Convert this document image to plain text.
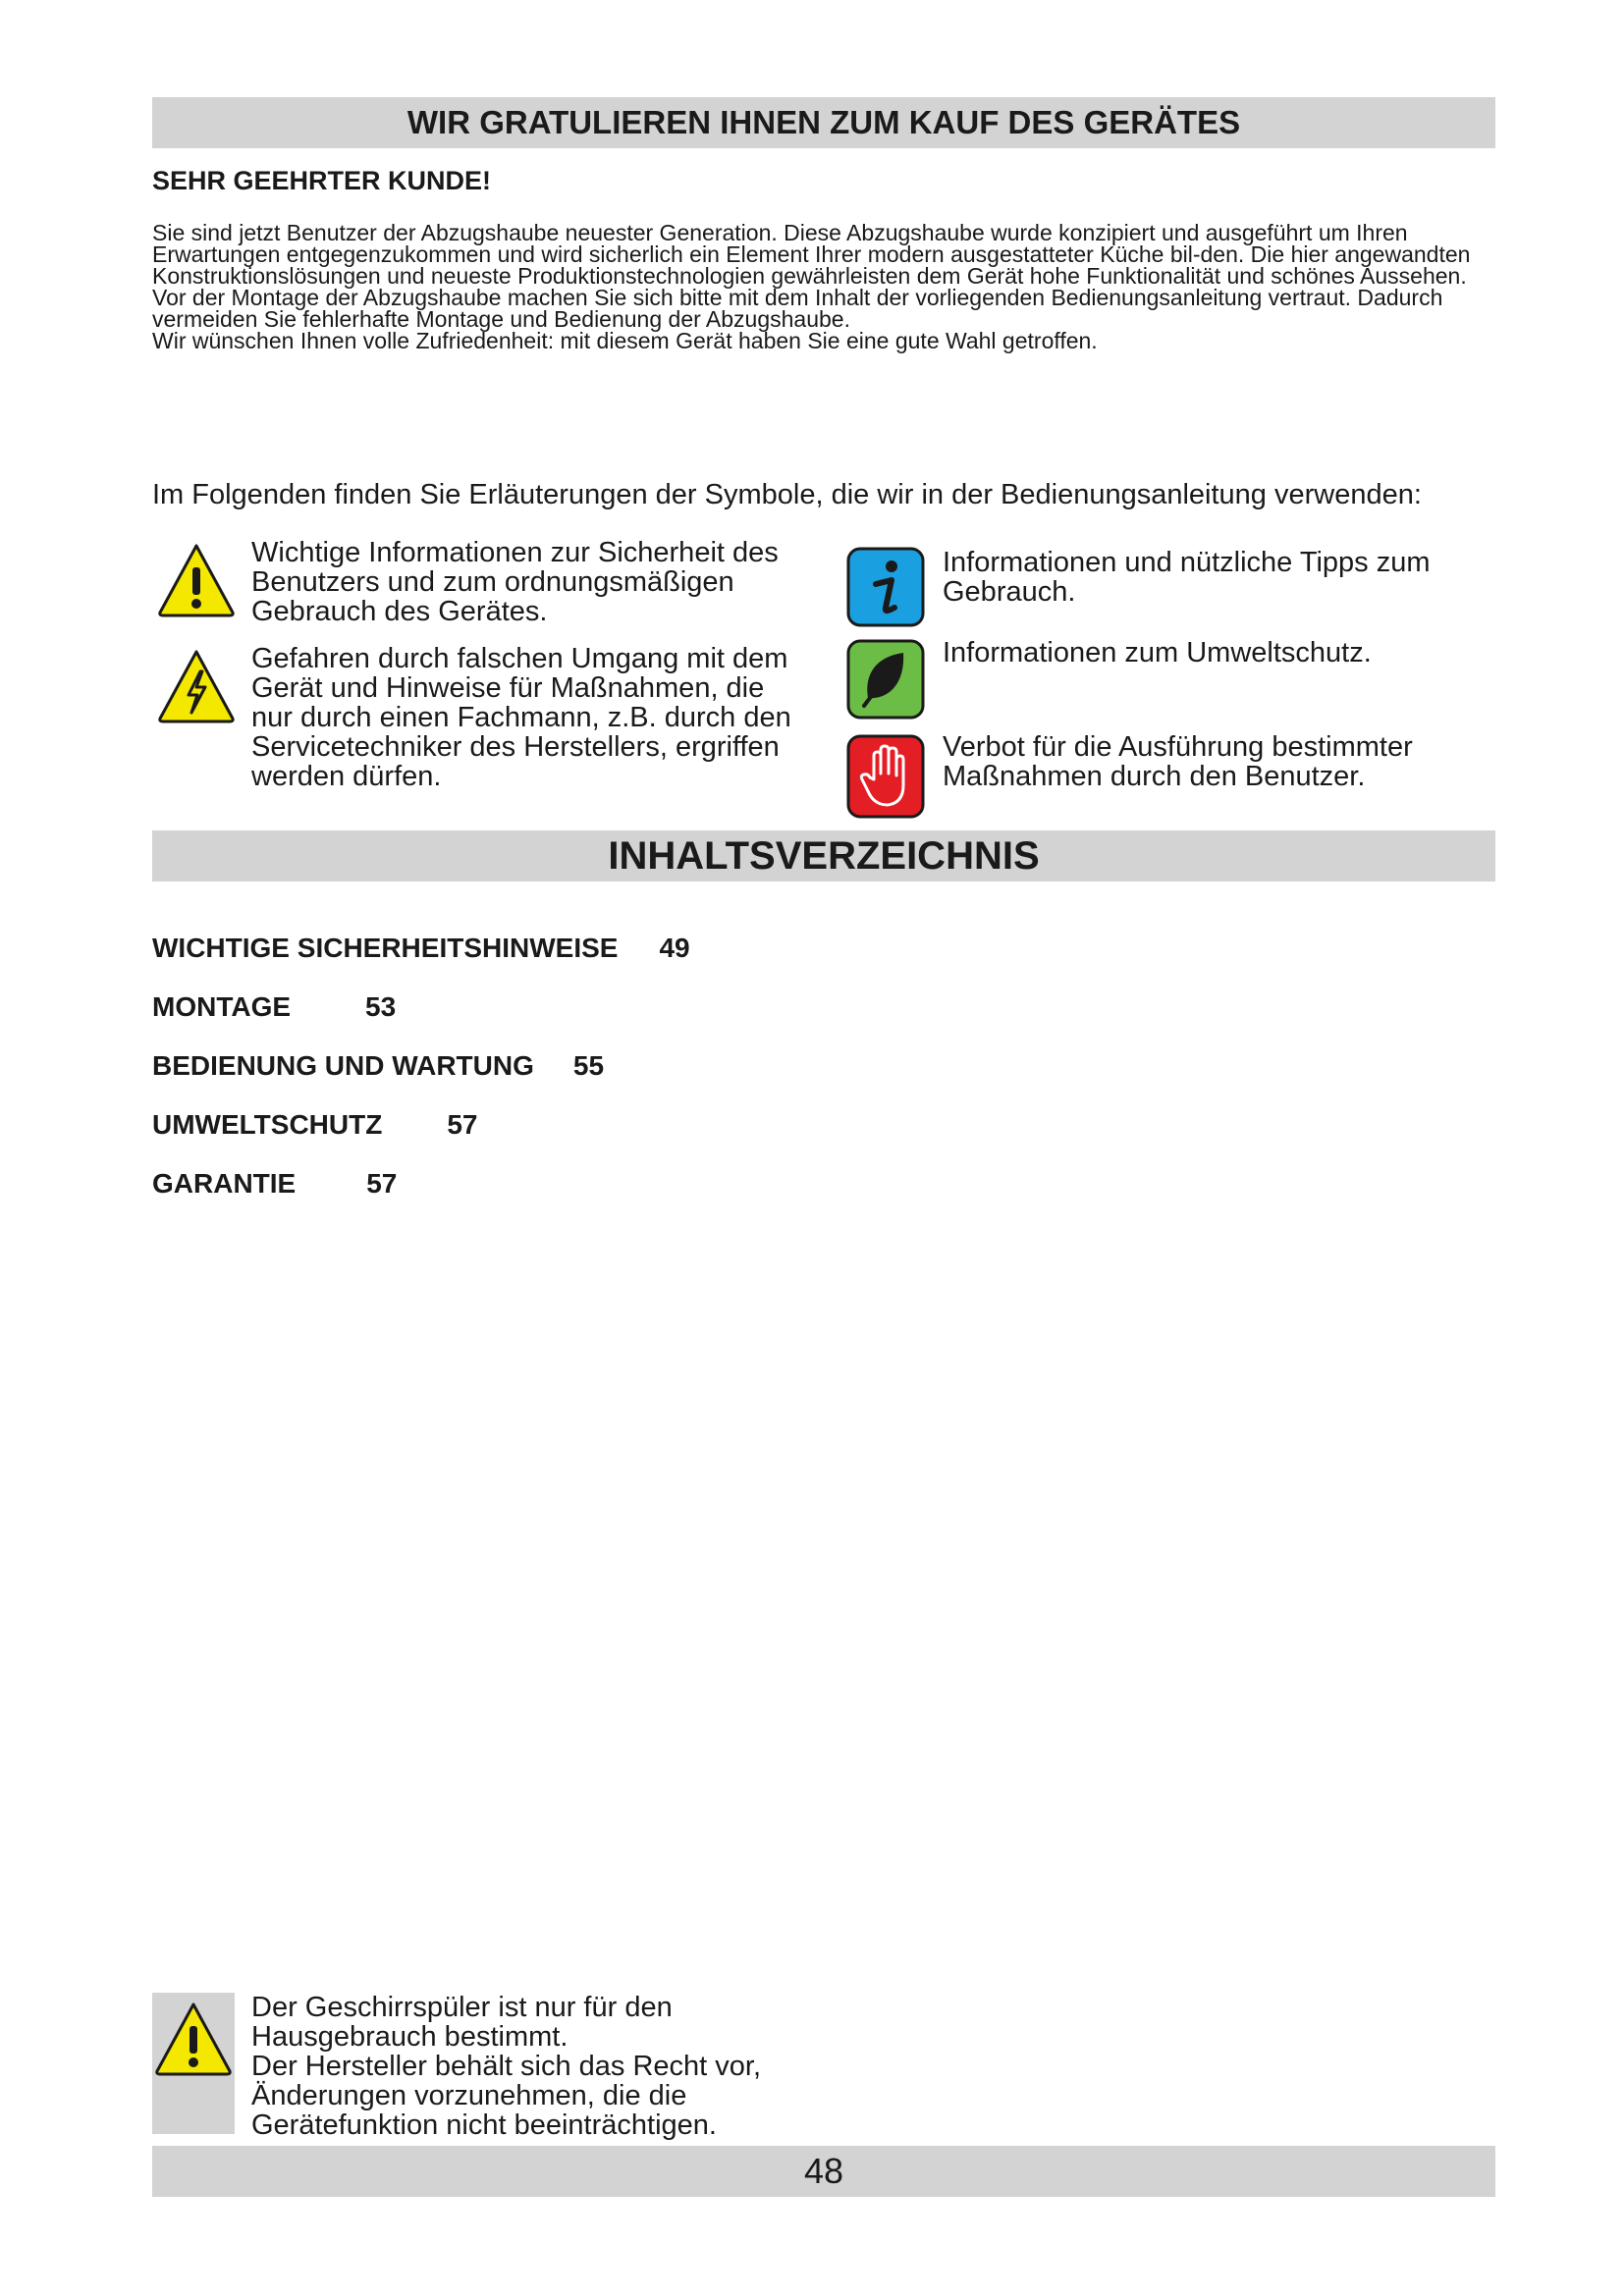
WIR GRATULIEREN IHNEN ZUM KAUF DES GERÄTES
SEHR GEEHRTER KUNDE!

Sie sind jetzt Benutzer der Abzugshaube neuester Generation. Diese Abzugshaube wurde konzipiert und ausgeführt um Ihren Erwartungen entgegenzukommen und wird sicherlich ein Element Ihrer modern ausgestatteter Küche bil-den. Die hier angewandten Konstruktionslösungen und neueste Produktionstechnologien gewährleisten dem Gerät hohe Funktionalität und schönes Aussehen. Vor der Montage der Abzugshaube machen Sie sich bitte mit dem Inhalt der vorliegenden Bedienungsanleitung vertraut. Dadurch vermeiden Sie fehlerhafte Montage und Bedienung der Abzugshaube.

Wir wünschen Ihnen volle Zufriedenheit: mit diesem Gerät haben Sie eine gute Wahl getroffen.

Im Folgenden finden Sie Erläuterungen der Symbole, die wir in der Bedienungsanleitung verwenden:
Wichtige Informationen zur Sicherheit des Benutzers und zum ordnungsmäßigen Gebrauch des Gerätes.
Gefahren durch falschen Umgang mit dem Gerät und Hinweise für Maßnahmen, die nur durch einen Fachmann, z.B. durch den Servicetechniker des Herstellers, ergriffen werden dürfen.
Informationen und nützliche Tipps zum Gebrauch.
Informationen zum Umweltschutz.
Verbot für die Ausführung bestimmter Maßnahmen durch den Benutzer.
INHALTSVERZEICHNIS
WICHTIGE SICHERHEITSHINWEISE 49
MONTAGE	53
BEDIENUNG UND WARTUNG 55
UMWELTSCHUTZ 57
GARANTIE	57
Der Geschirrspüler ist nur für den Hausgebrauch bestimmt.
Der Hersteller behält sich das Recht vor, Änderungen vorzunehmen, die die Gerätefunktion nicht beeinträchtigen.
48
